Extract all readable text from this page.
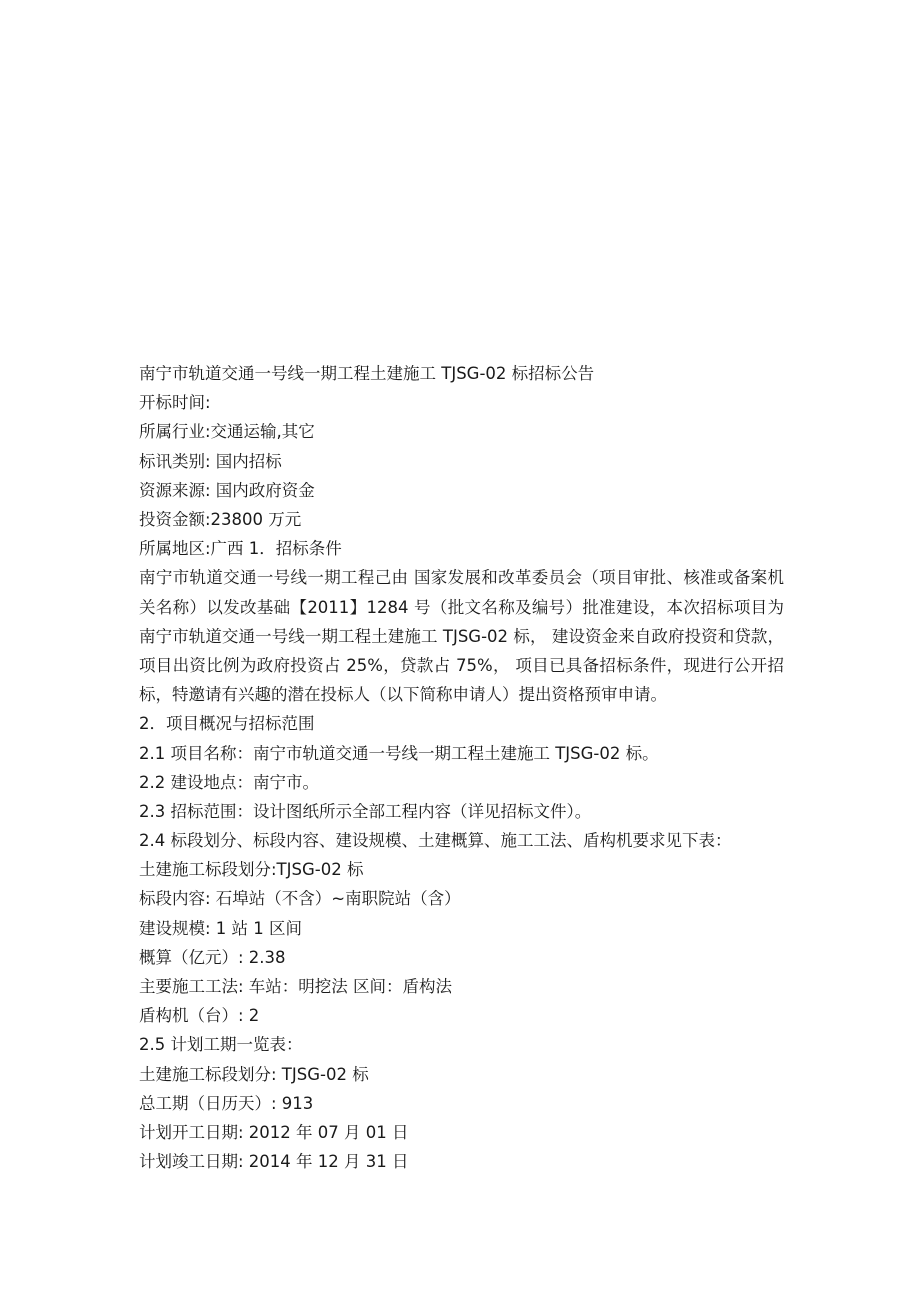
南宁市轨道交通一号线一期工程土建施工 TJSG-02 标招标公告
开标时间:
所属行业:交通运输,其它
标讯类别: 国内招标
资源来源: 国内政府资金
投资金额:23800 万元
所属地区:广西 1．招标条件
南宁市轨道交通一号线一期工程己由 国家发展和改革委员会（项目审批、核准或备案机关名称）以发改基础【2011】1284 号（批文名称及编号）批准建设，本次招标项目为南宁市轨道交通一号线一期工程土建施工 TJSG-02 标， 建设资金来自政府投资和贷款，项目出资比例为政府投资占 25%，贷款占 75%， 项目已具备招标条件，现进行公开招标，特邀请有兴趣的潜在投标人（以下简称申请人）提出资格预审申请。
2．项目概况与招标范围
2.1 项目名称：南宁市轨道交通一号线一期工程土建施工 TJSG-02 标。
2.2 建设地点：南宁市。
2.3 招标范围：设计图纸所示全部工程内容（详见招标文件）。
2.4 标段划分、标段内容、建设规模、土建概算、施工工法、盾构机要求见下表：
土建施工标段划分:TJSG-02 标
标段内容: 石埠站（不含）~南职院站（含）
建设规模: 1 站 1 区间
概算（亿元）: 2.38
主要施工工法: 车站：明挖法 区间：盾构法
盾构机（台）: 2
2.5 计划工期一览表：
土建施工标段划分: TJSG-02 标
总工期（日历天）: 913
计划开工日期: 2012 年 07 月 01 日
计划竣工日期: 2014 年 12 月 31 日
